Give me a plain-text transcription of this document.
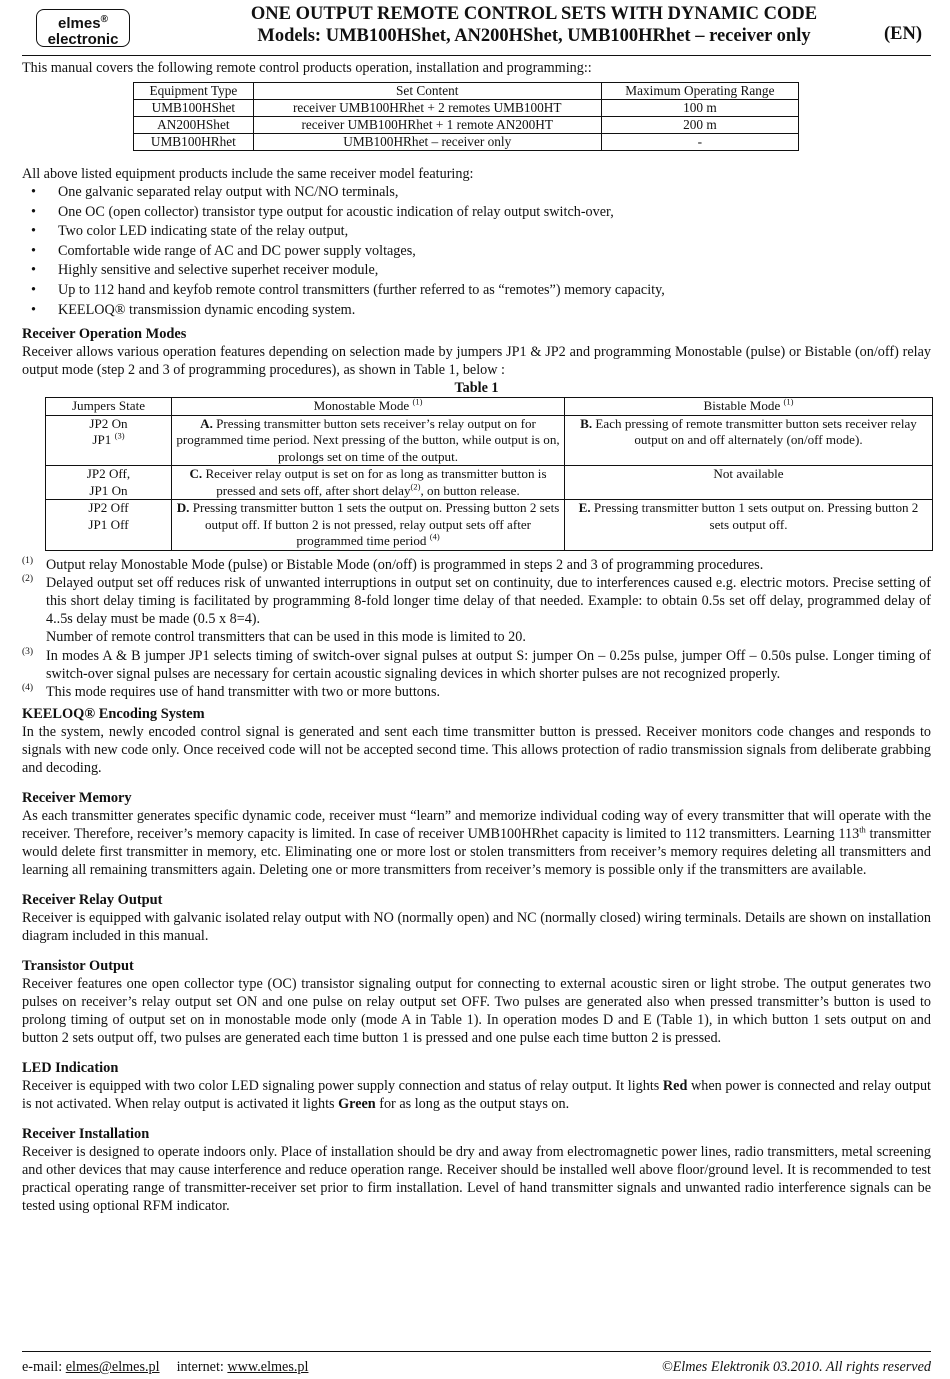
elmes®
electronic
ONE OUTPUT REMOTE CONTROL SETS WITH DYNAMIC CODE
Models: UMB100HShet, AN200HShet, UMB100HRhet – receiver only	(EN)

This manual covers the following remote control products operation, installation and programming::

Equipment Type	Set Content	Maximum Operating Range
UMB100HShet	receiver UMB100HRhet + 2 remotes UMB100HT	100 m
AN200HShet	receiver UMB100HRhet + 1 remote AN200HT	200 m
UMB100HRhet	UMB100HRhet – receiver only	-

All above listed equipment products include the same receiver model featuring:

• One galvanic separated relay output with NC/NO terminals,
• One OC (open collector) transistor type output for acoustic indication of relay output switch-over,
• Two color LED indicating state of the relay output,
• Comfortable wide range of AC and DC power supply voltages,
• Highly sensitive and selective superhet receiver module,
• Up to 112 hand and keyfob remote control transmitters (further referred to as “remotes”) memory capacity,
• KEELOQ® transmission dynamic encoding system.
Receiver Operation Modes

Receiver allows various operation features depending on selection made by jumpers JP1 & JP2 and programming Monostable (pulse) or Bistable (on/off) relay output mode (step 2 and 3 of programming procedures), as shown in Table 1, below :

Table 1
Jumpers State	Monostable Mode $^{(1)}$	Bistable Mode $^{(1)}$

JP2 On
JP1 $^{(3)}$	A. Pressing transmitter button sets receiver’s relay output on for programmed time period. Next pressing of the button, while output is on, prolongs set on time of the output.	B. Each pressing of remote transmitter button sets receiver relay output on and off alternately (on/off mode).

JP2 Off,
JP1 On	C. Receiver relay output is set on for as long as transmitter button is pressed and sets off, after short delay$^{(2)}$, on button release.	Not available

JP2 Off
JP1 Off	D. Pressing transmitter button 1 sets the output on. Pressing button 2 sets output off. If button 2 is not pressed, relay output sets off after programmed time period $^{(4)}$	E. Pressing transmitter button 1 sets output on. Pressing button 2 sets output off.
(1) Output relay Monostable Mode (pulse) or Bistable Mode (on/off) is programmed in steps 2 and 3 of programming procedures.

(2) Delayed output set off reduces risk of unwanted interruptions in output set on continuity, due to interferences caused e.g. electric motors. Precise setting of this short delay timing is facilitated by programming 8-fold longer time delay of that needed. Example: to obtain 0.5s set off delay, programmed delay of 4..5s delay must be made (0.5 x 8=4).

Number of remote control transmitters that can be used in this mode is limited to 20.

(3) In modes A & B jumper JP1 selects timing of switch-over signal pulses at output S: jumper On – 0.25s pulse, jumper Off – 0.50s pulse. Longer timing of switch-over signal pulses are necessary for certain acoustic signaling devices in which shorter pulses are not recognized properly.

(4) This mode requires use of hand transmitter with two or more buttons.

KEELOQ® Encoding System

In the system, newly encoded control signal is generated and sent each time transmitter button is pressed. Receiver monitors code changes and responds to signals with new code only. Once received code will not be accepted second time. This allows protection of radio transmission signals from deliberate grabbing and decoding.

Receiver Memory

As each transmitter generates specific dynamic code, receiver must “learn” and memorize individual coding way of every transmitter that will operate with the receiver. Therefore, receiver’s memory capacity is limited. In case of receiver UMB100HRhet capacity is limited to 112 transmitters. Learning 113th transmitter would delete first transmitter in memory, etc. Eliminating one or more lost or stolen transmitters from receiver’s memory requires deleting all transmitters and learning all remaining transmitters again. Deleting one or more transmitters from receiver’s memory is possible only if the transmitters are available.

Receiver Relay Output

Receiver is equipped with galvanic isolated relay output with NO (normally open) and NC (normally closed) wiring terminals. Details are shown on installation diagram included in this manual.

Transistor Output

Receiver features one open collector type (OC) transistor signaling output for connecting to external acoustic siren or light strobe. The output generates two pulses on receiver’s relay output set ON and one pulse on relay output set OFF. Two pulses are generated also when pressed transmitter’s button is used to prolong timing of output set on in monostable mode only (mode A in Table 1). In operation modes D and E (Table 1), in which button 1 sets output on and button 2 sets output off, two pulses are generated each time button 1 is pressed and one pulse each time button 2 is pressed.

LED Indication

Receiver is equipped with two color LED signaling power supply connection and status of relay output. It lights Red when power is connected and relay output is not activated. When relay output is activated it lights Green for as long as the output stays on.

Receiver Installation

Receiver is designed to operate indoors only. Place of installation should be dry and away from electromagnetic power lines, radio transmitters, metal screening and other devices that may cause interference and reduce operation range. Receiver should be installed well above floor/ground level. It is recommended to test practical operating range of transmitter-receiver set prior to firm installation. Level of hand transmitter signals and unwanted radio interference signals can be tested using optional RFM indicator.

e-mail: elmes@elmes.pl internet: www.elmes.pl	©Elmes Elektronik 03.2010. All rights reserved
